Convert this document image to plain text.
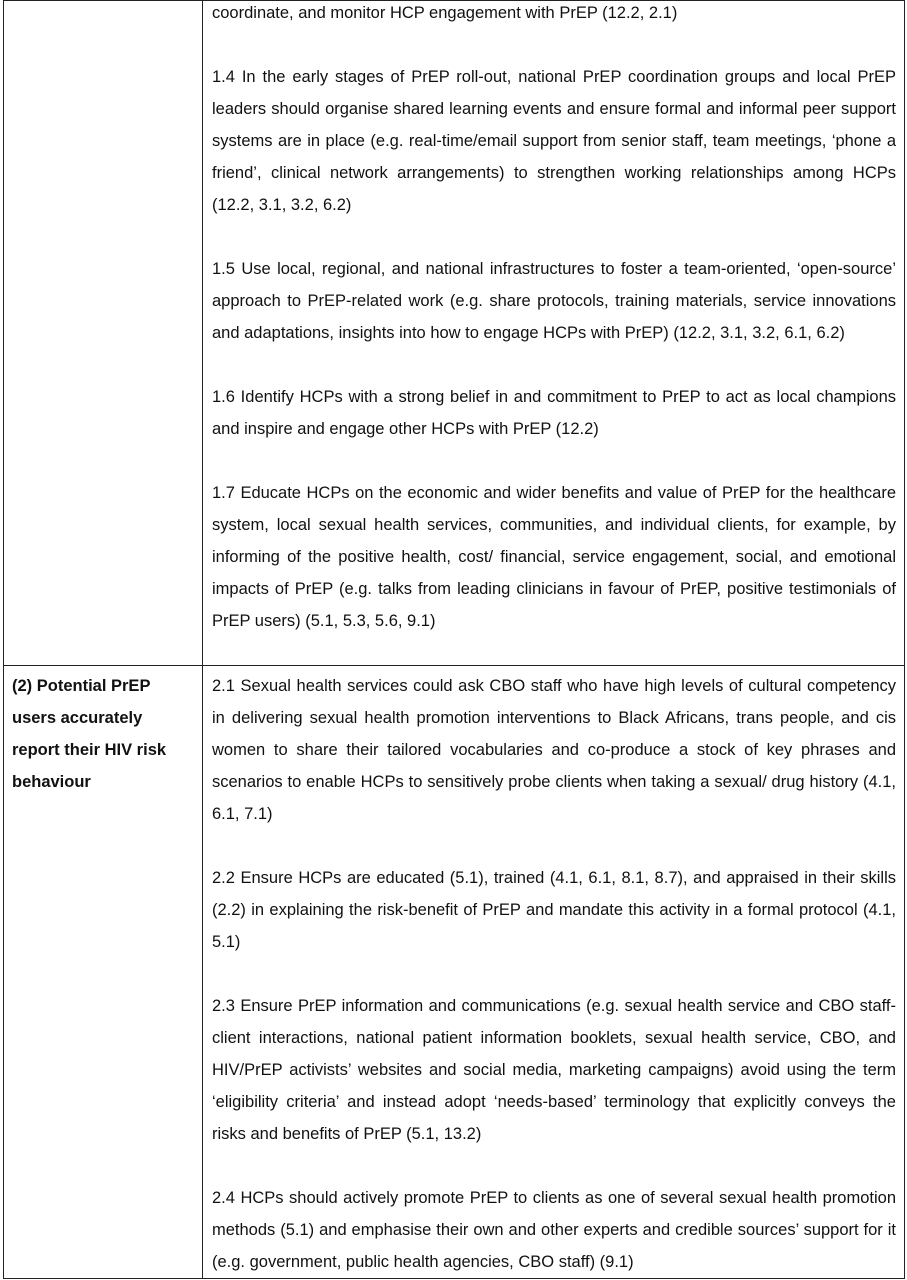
	coordinate, and monitor HCP engagement with PrEP (12.2, 2.1)

1.4 In the early stages of PrEP roll-out, national PrEP coordination groups and local PrEP leaders should organise shared learning events and ensure formal and informal peer support systems are in place (e.g. real-time/email support from senior staff, team meetings, ‘phone a friend’, clinical network arrangements) to strengthen working relationships among HCPs (12.2, 3.1, 3.2, 6.2)

1.5 Use local, regional, and national infrastructures to foster a team-oriented, ‘open-source’ approach to PrEP-related work (e.g. share protocols, training materials, service innovations and adaptations, insights into how to engage HCPs with PrEP) (12.2, 3.1, 3.2, 6.1, 6.2)

1.6 Identify HCPs with a strong belief in and commitment to PrEP to act as local champions and inspire and engage other HCPs with PrEP (12.2)

1.7 Educate HCPs on the economic and wider benefits and value of PrEP for the healthcare system, local sexual health services, communities, and individual clients, for example, by informing of the positive health, cost/ financial, service engagement, social, and emotional impacts of PrEP (e.g. talks from leading clinicians in favour of PrEP, positive testimonials of PrEP users) (5.1, 5.3, 5.6, 9.1)

(2) Potential PrEP users accurately report their HIV risk behaviour	2.1 Sexual health services could ask CBO staff who have high levels of cultural competency in delivering sexual health promotion interventions to Black Africans, trans people, and cis women to share their tailored vocabularies and co-produce a stock of key phrases and scenarios to enable HCPs to sensitively probe clients when taking a sexual/ drug history (4.1, 6.1, 7.1)

2.2 Ensure HCPs are educated (5.1), trained (4.1, 6.1, 8.1, 8.7), and appraised in their skills (2.2) in explaining the risk-benefit of PrEP and mandate this activity in a formal protocol (4.1, 5.1)

2.3 Ensure PrEP information and communications (e.g. sexual health service and CBO staff-client interactions, national patient information booklets, sexual health service, CBO, and HIV/PrEP activists’ websites and social media, marketing campaigns) avoid using the term ‘eligibility criteria’ and instead adopt ‘needs-based’ terminology that explicitly conveys the risks and benefits of PrEP (5.1, 13.2)

2.4 HCPs should actively promote PrEP to clients as one of several sexual health promotion methods (5.1) and emphasise their own and other experts and credible sources’ support for it (e.g. government, public health agencies, CBO staff) (9.1)
